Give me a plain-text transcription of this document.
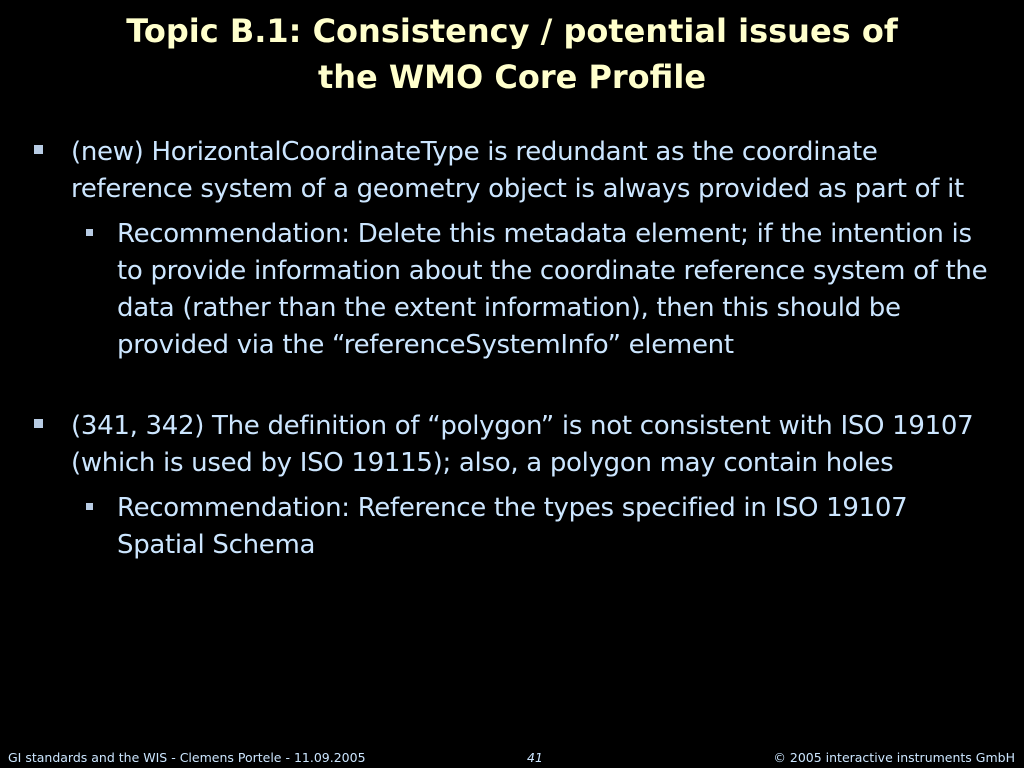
Topic B.1: Consistency / potential issues of
the WMO Core Profile
(new) HorizontalCoordinateType is redundant as the coordinate reference system of a geometry object is always provided as part of it
Recommendation: Delete this metadata element; if the intention is to provide information about the coordinate reference system of the data (rather than the extent information), then this should be provided via the “referenceSystemInfo” element
(341, 342) The definition of “polygon” is not consistent with ISO 19107 (which is used by ISO 19115); also, a polygon may contain holes
Recommendation: Reference the types specified in ISO 19107 Spatial Schema
GI standards and the WIS - Clemens Portele - 11.09.2005	41	© 2005 interactive instruments GmbH
